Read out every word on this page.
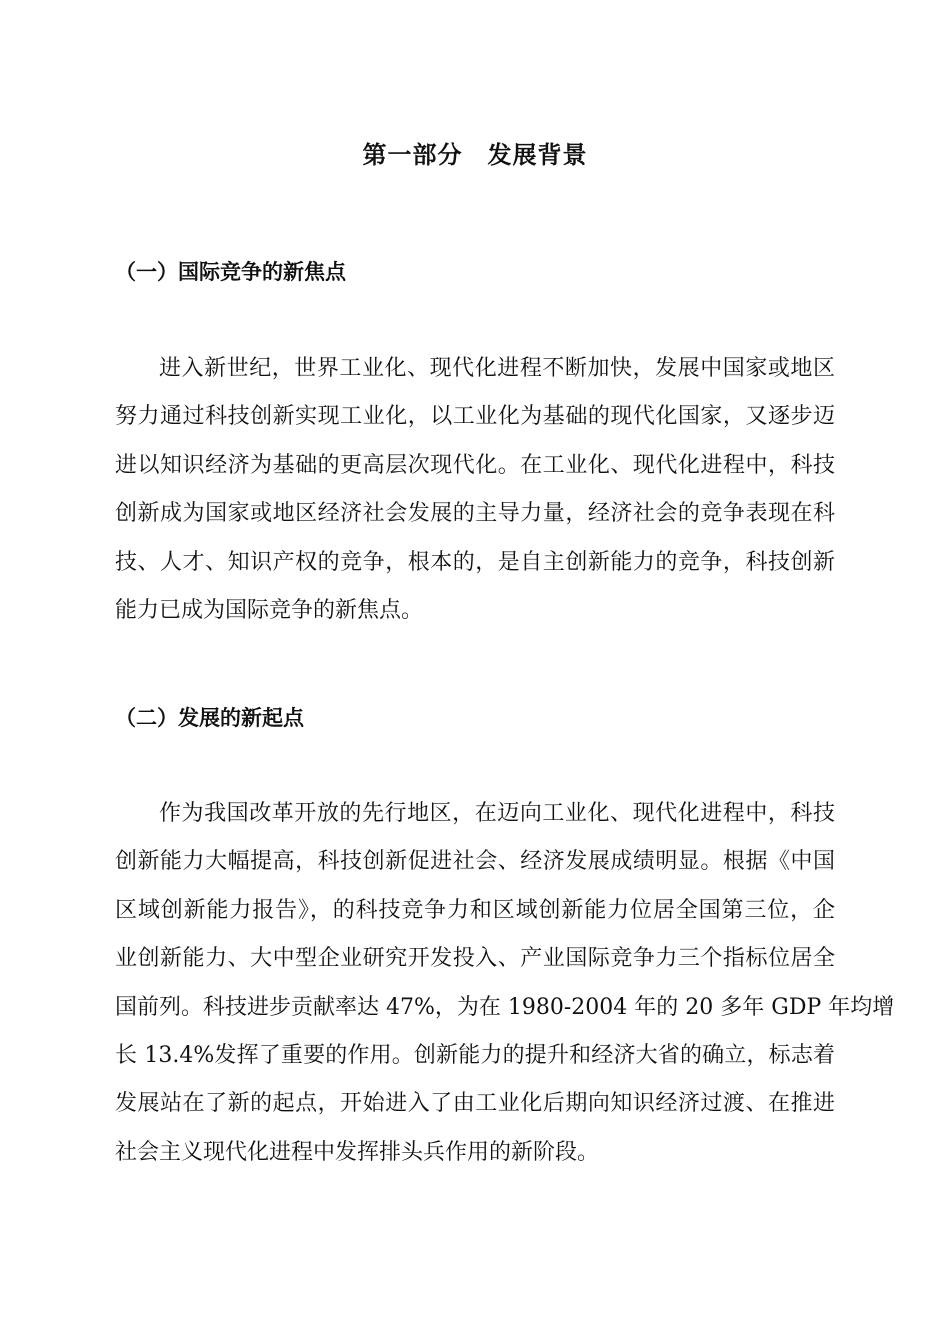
第一部分　发展背景
（一）国际竞争的新焦点
进入新世纪，世界工业化、现代化进程不断加快，发展中国家或地区
努力通过科技创新实现工业化，以工业化为基础的现代化国家，又逐步迈
进以知识经济为基础的更高层次现代化。在工业化、现代化进程中，科技
创新成为国家或地区经济社会发展的主导力量，经济社会的竞争表现在科
技、人才、知识产权的竞争，根本的，是自主创新能力的竞争，科技创新
能力已成为国际竞争的新焦点。
（二）发展的新起点
作为我国改革开放的先行地区，在迈向工业化、现代化进程中，科技
创新能力大幅提高，科技创新促进社会、经济发展成绩明显。根据《中国
区域创新能力报告》，的科技竞争力和区域创新能力位居全国第三位，企
业创新能力、大中型企业研究开发投入、产业国际竞争力三个指标位居全
国前列。科技进步贡献率达 47%，为在 1980-2004 年的 20 多年 GDP 年均增
长 13.4%发挥了重要的作用。创新能力的提升和经济大省的确立，标志着
发展站在了新的起点，开始进入了由工业化后期向知识经济过渡、在推进
社会主义现代化进程中发挥排头兵作用的新阶段。
